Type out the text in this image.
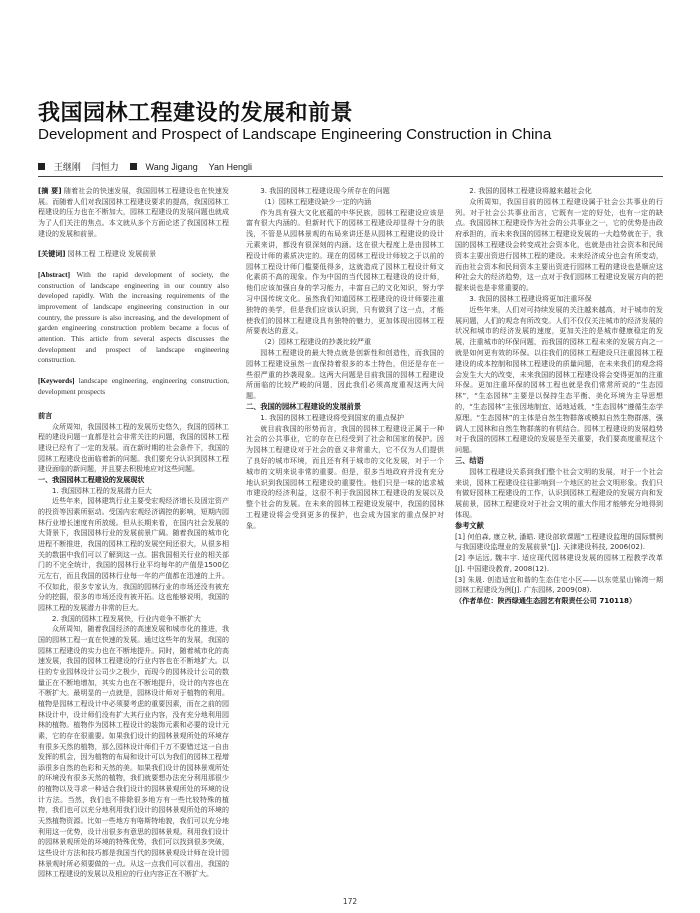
我国园林工程建设的发展和前景
Development and Prospect of Landscape Engineering Construction in China
王继刚 闫恒力	Wang Jigang Yan Hengli

[摘 要] 随着社会的快速发展，我国园林工程建设也在快速发展。而随着人们对我国园林工程建设要求的提高，我国园林工程建设的压力也在不断加大，园林工程建设的发展问题也就成为了人们关注的焦点。本文就从多个方面论述了我国园林工程建设的发展和前景。

[关键词] 园林工程 工程建设 发展前景

[Abstract] With the rapid development of society, the construction of landscape engineering in our country also developed rapidly. With the increasing requirements of the improvement of landscape engineering construction in our country, the pressure is also increasing, and the development of garden engineering construction problem became a focus of attention. This article from several aspects discusses the development and prospect of landscape engineering construction.

[Keywords] landscape engineering, engineering construction, development prospects

前言

众所周知，我国园林工程的发展历史悠久，我国的园林工程的建设问题一直都是社会非常关注的问题，我国的园林工程建设已经有了一定的发展。而在新时期的社会条件下，我国的园林工程建设也面临着新的问题。我们要充分认识到园林工程建设面临的新问题，并且要去积极地应对这些问题。

一、我国园林工程建设的发展现状

1. 我国园林工程的发展潜力巨大

近些年来，园林建筑行业主要受宏观经济增长及固定资产的投资等因素所驱动。受国内宏观经济调控的影响，短期内园林行业增长速度有所放缓。但从长期来看，在国内社会发展的大背景下，我国园林行业的发展前景广阔。随着我国的城市化进程不断推进，我国的园林工程的发展空间还很大，从很多相关的数据中我们可以了解到这一点。据我国相关行业的相关部门的不完全统计，我国的园林行业平均每年的产值是1500亿元左右，而且我国的园林行业每一年的产值都在迅速的上升。不仅如此，很多专家认为，我国的园林行业的市场还没有被充分的挖掘，很多的市场还没有被开拓。这也能够说明，我国的园林工程的发展潜力非常的巨大。

2. 我国的园林工程发展快，行业内竞争不断扩大

众所周知，随着我国经济的高速发展和城市化的推进，我国的园林工程一直在快速的发展。通过这些年的发展，我国的园林工程建设的实力也在不断地提升。同时，随着城市化的高速发展，我国的园林工程建设的行业内容也在不断地扩大。以往的专业园林设计公司少之极少，而现今的园林设计公司的数量正在不断地增加，其实力也在不断地提升，设计的内容也在不断扩大。最明显的一点就是，园林设计师对于植物的利用。植物是园林工程设计中必须要考虑的重要因素，而在之前的园林设计中，设计师们没有扩大其行业内容，没有充分地利用园林的植物。植物作为园林工程设计的装饰元素和必要的设计元素，它的存在很重要。如果我们设计的园林景观所处的环境存有很多天然的植物，那么园林设计师们千万不要错过这一自由发挥的机会，因为植物的布局和设计可以为我们的园林工程增添很多自然的色彩和天然的美。如果我们设计的园林景观所处的环境没有很多天然的植物，我们就要想办法充分利用那很少的植物以及寻求一种适合我们设计的园林景观所处的环境的设计方法。当然，我们也不排除很多地方有一些比较特殊的植物，我们也可以充分地利用我们设计的园林景观所处的环境的天然植物资源。比如一些地方有咯斯特地貌，我们可以充分地利用这一优势，设计出很多有意思的园林景观。利用我们设计的园林景观所处的环境的特殊优势，我们可以找到很多突破，这些设计方法和技巧都是我国当代的园林景观设计师在设计园林景观时所必须要做的一点。从这一点我们可以看出，我国的园林工程建设的发展以及相应的行业内容正在不断扩大。

3. 我国的园林工程建设现今所存在的问题

（1）园林工程建设缺少一定的内涵

作为具有强大文化底蕴的中华民族，园林工程建设应该是富有很大内涵的。但新时代下的园林工程建设却显得十分的肤浅，不管是从园林景观的布局来讲还是从园林工程建设的设计元素来讲，都没有很深刻的内涵。这在很大程度上是由园林工程设计师的素质决定的。现在的园林工程设计师较之于以前的园林工程设计师门槛要低得多，这就造成了园林工程设计师文化素质不高的现象。作为中国的当代园林工程建设的设计师，他们应该加强自身的学习能力，丰富自己的文化知识，努力学习中国传统文化。虽然我们知道园林工程建设的设计师要注重独特的美学，但是我们应该认识到，只有做到了这一点，才能使我们的园林工程建设具有独特的魅力，更加体现出园林工程所要表达的意义。

（2）园林工程建设的抄袭比较严重

园林工程建设的最大特点就是创新性和创造性，而我国的园林工程建设虽然一直保持着很多的本土特色，但还是存在一些很严重的抄袭现象。这两大问题是目前我国的园林工程建设所面临的比较严峻的问题，因此我们必须高度重视这两大问题。

二、我国的园林工程建设的发展前景

1. 我国的园林工程建设将受到国家的重点保护

就目前我国的形势而言，我国的园林工程建设正属于一种社会的公共事业，它的存在已经受到了社会和国家的保护。因为园林工程建设对于社会的意义非常重大，它不仅为人们提供了良好的城市环境，而且还有利于城市的文化发展，对于一个城市的文明来说非常的重要。但是，很多当地政府并没有充分地认识到我国园林工程建设的重要性。他们只是一味的追求城市建设的经济利益，这很不利于我国园林工程建设的发展以及整个社会的发展。在未来的园林工程建设发展中，我国的园林工程建设将会受到更多的保护，也会成为国家的重点保护对象。

2. 我国的园林工程建设将越来越社会化

众所周知，我国目前的园林工程建设属于社会公共事业的行列。对于社会公共事业而言，它既有一定的好处，也有一定的缺点。我国园林工程建设作为社会的公共事业之一，它的优势是由政府承担的，而未来我国的园林工程建设发展的一大趋势就在于，我国的园林工程建设会转变成社会资本化，也就是由社会资本和民间资本主要出资进行园林工程的建设。未来经济成分也会有所变动，而由社会资本和民间资本主要出资进行园林工程的建设也是顺应这种社会大的经济趋势，这一点对于我们园林工程建设发展方向的把握来说也是非常重要的。

3. 我国的园林工程建设将更加注重环保

近些年来，人们对可持续发展的关注越来越高，对于城市的发展问题，人们的观念有所改变。人们不仅仅关注城市的经济发展的状况和城市的经济发展的速度，更加关注的是城市健康稳定的发展，注重城市的环保问题，而我国的园林工程未来的发展方向之一就是如何更有效的环保。以往我们的园林工程建设只注重园林工程建设的成本控制和园林工程建设的质量问题，在未来我们的观念将会发生大大的改变，未来我国的园林工程建设将会变得更加的注重环保。更加注重环保的园林工程也就是我们常常所说的“生态园林”，“生态园林”主要是以保持生态平衡、美化环境为主导思想的，“生态园林”主张因地制宜、适地适栽，“生态园林”遵循生态学原理。“生态园林”的主体是自然生物群落或模拟自然生物群落，强调人工园林和自然生物群落的有机结合。园林工程建设的发展趋势对于我国的园林工程建设的发展是至关重要，我们要高度重视这个问题。

三、结语

园林工程建设关系到我们整个社会文明的发展，对于一个社会来说，园林工程建设往往影响到一个地区的社会文明形象。我们只有做好园林工程建设的工作，认识到园林工程建设的发展方向和发展前景，园林工程建设对于社会文明的重大作用才能够充分地得到体现。

参考文献

[1] 何伯森, 康立秋, 潘皓. 建设部软课题“工程建设监理的国际惯例与我国建设监理业的发展前景”[J]. 天津建设科技, 2006(02).

[2] 李运远, 魏丰宇. 适应现代园林建设发展的园林工程教学改革[J]. 中国建设教育, 2008(12).

[3] 朱晟. 创造适宜和谐的生态住宅小区——以东莞星山锦湾一期园林工程建设为例[J]. 广东园林, 2009(08).

（作者单位：陕西绿通生态园艺有限责任公司 710118）

172
